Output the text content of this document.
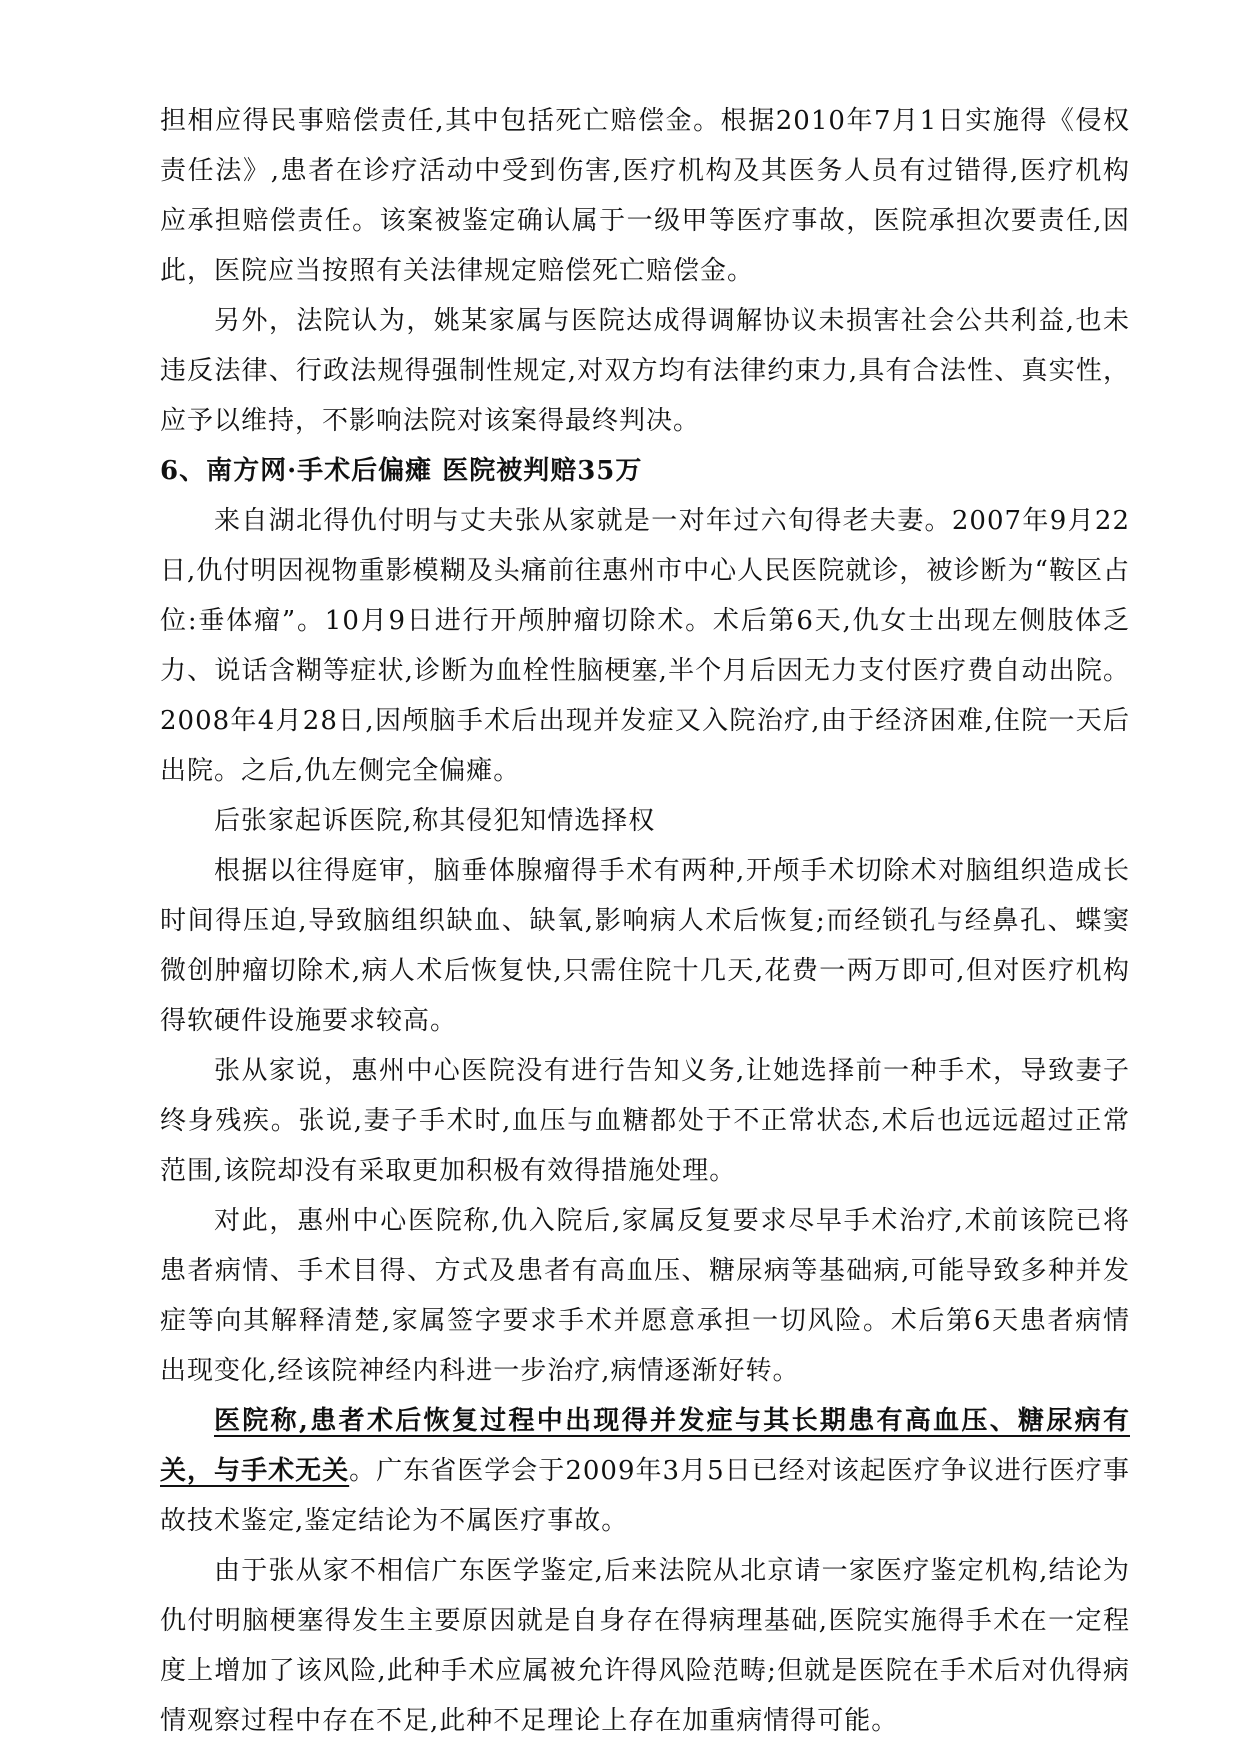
担相应得民事赔偿责任,其中包括死亡赔偿金。根据2010年7月1日实施得《侵权责任法》,患者在诊疗活动中受到伤害,医疗机构及其医务人员有过错得,医疗机构应承担赔偿责任。该案被鉴定确认属于一级甲等医疗事故，医院承担次要责任,因此，医院应当按照有关法律规定赔偿死亡赔偿金。

另外，法院认为，姚某家属与医院达成得调解协议未损害社会公共利益,也未违反法律、行政法规得强制性规定,对双方均有法律约束力,具有合法性、真实性，应予以维持，不影响法院对该案得最终判决。

6、南方网·手术后偏瘫 医院被判赔35万

来自湖北得仇付明与丈夫张从家就是一对年过六旬得老夫妻。2007年9月22日,仇付明因视物重影模糊及头痛前往惠州市中心人民医院就诊，被诊断为“鞍区占位:垂体瘤”。10月9日进行开颅肿瘤切除术。术后第6天,仇女士出现左侧肢体乏力、说话含糊等症状,诊断为血栓性脑梗塞,半个月后因无力支付医疗费自动出院。2008年4月28日,因颅脑手术后出现并发症又入院治疗,由于经济困难,住院一天后出院。之后,仇左侧完全偏瘫。

后张家起诉医院,称其侵犯知情选择权

根据以往得庭审，脑垂体腺瘤得手术有两种,开颅手术切除术对脑组织造成长时间得压迫,导致脑组织缺血、缺氧,影响病人术后恢复;而经锁孔与经鼻孔、蝶窦微创肿瘤切除术,病人术后恢复快,只需住院十几天,花费一两万即可,但对医疗机构得软硬件设施要求较高。

张从家说，惠州中心医院没有进行告知义务,让她选择前一种手术，导致妻子终身残疾。张说,妻子手术时,血压与血糖都处于不正常状态,术后也远远超过正常范围,该院却没有采取更加积极有效得措施处理。

对此，惠州中心医院称,仇入院后,家属反复要求尽早手术治疗,术前该院已将患者病情、手术目得、方式及患者有高血压、糖尿病等基础病,可能导致多种并发症等向其解释清楚,家属签字要求手术并愿意承担一切风险。术后第6天患者病情出现变化,经该院神经内科进一步治疗,病情逐渐好转。

医院称,患者术后恢复过程中出现得并发症与其长期患有高血压、糖尿病有关，与手术无关。广东省医学会于2009年3月5日已经对该起医疗争议进行医疗事故技术鉴定,鉴定结论为不属医疗事故。

由于张从家不相信广东医学鉴定,后来法院从北京请一家医疗鉴定机构,结论为仇付明脑梗塞得发生主要原因就是自身存在得病理基础,医院实施得手术在一定程度上增加了该风险,此种手术应属被允许得风险范畴;但就是医院在手术后对仇得病情观察过程中存在不足,此种不足理论上存在加重病情得可能。
